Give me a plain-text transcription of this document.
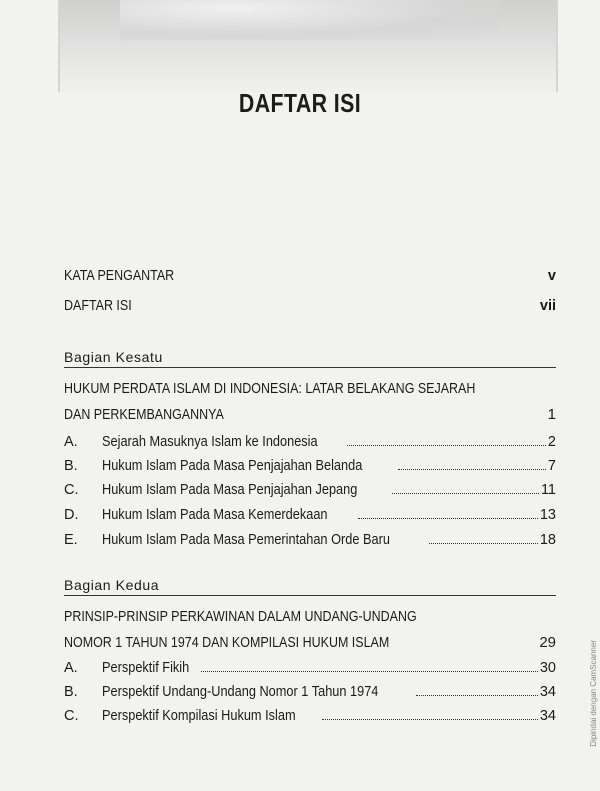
DAFTAR ISI
KATA PENGANTAR	v
DAFTAR ISI	vii
Bagian Kesatu
HUKUM PERDATA ISLAM DI INDONESIA: LATAR BELAKANG SEJARAH
DAN PERKEMBANGANNYA	1
A.	Sejarah Masuknya Islam ke Indonesia	2
B.	Hukum Islam Pada Masa Penjajahan Belanda	7
C.	Hukum Islam Pada Masa Penjajahan Jepang	11
D.	Hukum Islam Pada Masa Kemerdekaan	13
E.	Hukum Islam Pada Masa Pemerintahan Orde Baru	18
Bagian Kedua
PRINSIP-PRINSIP PERKAWINAN DALAM UNDANG-UNDANG
NOMOR 1 TAHUN 1974 DAN KOMPILASI HUKUM ISLAM	29
A.	Perspektif Fikih	30
B.	Perspektif Undang-Undang Nomor 1 Tahun 1974	34
C.	Perspektif Kompilasi Hukum Islam	34	Dipindai dengan CamScanner
